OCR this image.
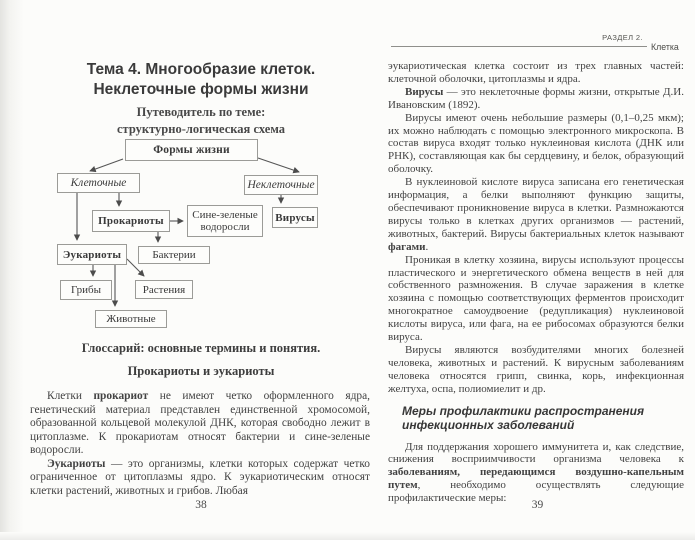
Тема 4. Многообразие клеток.
Неклеточные формы жизни
Путеводитель по теме:
структурно-логическая схема
Формы жизни
Клеточные	Неклеточные
Прокариоты	Сине-зеленые водоросли
Вирусы
Эукариоты	Бактерии
Грибы	Растения
Животные
Глоссарий: основные термины и понятия.
Прокариоты и эукариоты

Клетки прокариот не имеют четко оформленного ядра, генетический материал представлен единственной хромосомой, образованной кольцевой молекулой ДНК, которая свободно лежит в цитоплазме. К прокариотам относят бактерии и сине-зеленые водоросли.

Эукариоты — это организмы, клетки которых содержат четко ограниченное от цитоплазмы ядро. К эукариотическим относят клетки растений, животных и грибов. Любая

38
РАЗДЕЛ 2.
Клетка

эукариотическая клетка состоит из трех главных частей: клеточной оболочки, цитоплазмы и ядра.

Вирусы — это неклеточные формы жизни, открытые Д.И. Ивановским (1892).

Вирусы имеют очень небольшие размеры (0,1–0,25 мкм); их можно наблюдать с помощью электронного микроскопа. В состав вируса входят только нуклеиновая кислота (ДНК или РНК), составляющая как бы сердцевину, и белок, образующий оболочку.

В нуклеиновой кислоте вируса записана его генетическая информация, а белки выполняют функцию защиты, обеспечивают проникновение вируса в клетки. Размножаются вирусы только в клетках других организмов — растений, животных, бактерий. Вирусы бактериальных клеток называют фагами.

Проникая в клетку хозяина, вирусы используют процессы пластического и энергетического обмена веществ в ней для собственного размножения. В случае заражения в клетке хозяина с помощью соответствующих ферментов происходит многократное самоудвоение (редупликация) нуклеиновой кислоты вируса, или фага, на ее рибосомах образуются белки вируса.

Вирусы являются возбудителями многих болезней человека, животных и растений. К вирусным заболеваниям человека относятся грипп, свинка, корь, инфекционная желтуха, оспа, полиомиелит и др.

Меры профилактики распространения
инфекционных заболеваний

Для поддержания хорошего иммунитета и, как следствие, снижения восприимчивости организма человека к заболеваниям, передающимся воздушно-капельным путем, необходимо осуществлять следующие профилактические меры:

39
